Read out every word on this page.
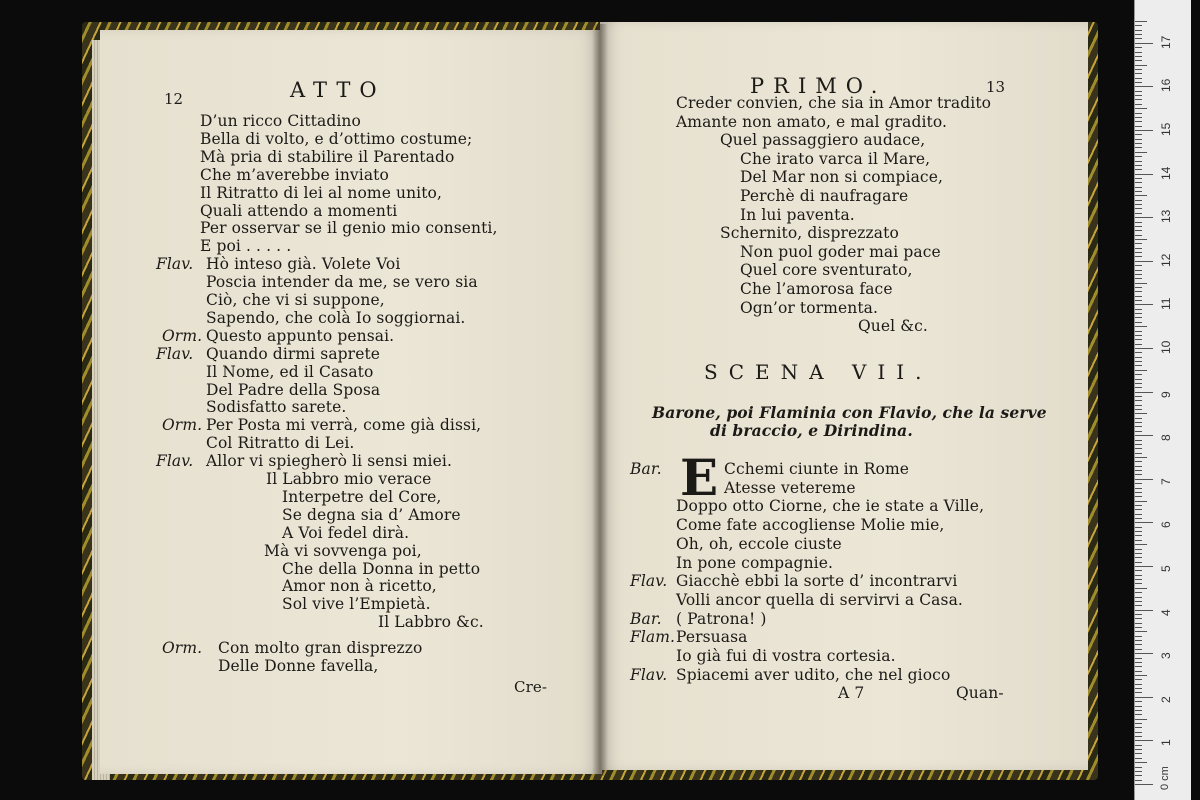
12	ATTO
D’un ricco Cittadino
Bella di volto, e d’ottimo costume;
Mà pria di stabilire il Parentado
Che m’averebbe inviato
Il Ritratto di lei al nome unito,
Quali attendo a momenti
Per osservar se il genio mio consenti,
E poi . . . . .
Flav. Hò inteso già. Volete Voi
Poscia intender da me, se vero sia
Ciò, che vi si suppone,
Sapendo, che colà Io soggiornai.
Orm. Questo appunto pensai.
Flav. Quando dirmi saprete
Il Nome, ed il Casato
Del Padre della Sposa
Sodisfatto sarete.
Orm. Per Posta mi verrà, come già dissi,
Col Ritratto di Lei.
Flav. Allor vi spiegherò li sensi miei.
Il Labbro mio verace
Interpetre del Core,
Se degna sia d’ Amore
A Voi fedel dirà.
Mà vi sovvenga poi,
Che della Donna in petto
Amor non à ricetto,
Sol vive l’Empietà.
Il Labbro &c.
Orm. Con molto gran disprezzo
Delle Donne favella,
Cre-
PRIMO.	13
Creder convien, che sia in Amor tradito
Amante non amato, e mal gradito.
Quel passaggiero audace,
Che irato varca il Mare,
Del Mar non si compiace,
Perchè di naufragare
In lui paventa.
Schernito, disprezzato
Non puol goder mai pace
Quel core sventurato,
Che l’amorosa face
Ogn’or tormenta.
Quel &c.
SCENA VII.
Barone, poi Flaminia con Flavio, che la serve
di braccio, e Dirindina.
E
Bar.	Cchemi ciunte in Rome
Atesse vetereme
Doppo otto Ciorne, che ie state a Ville,
Come fate accogliense Molie mie,
Oh, oh, eccole ciuste
In pone compagnie.
Flav. Giacchè ebbi la sorte d’ incontrarvi
Volli ancor quella di servirvi a Casa.
Bar. ( Patrona! )
Flam. Persuasa
Io già fui di vostra cortesia.
Flav. Spiacemi aver udito, che nel gioco
A 7	Quan-
17
16
15
14
13
12
11
10
9
8
7
6
5
4
3
2
1
0 cm
